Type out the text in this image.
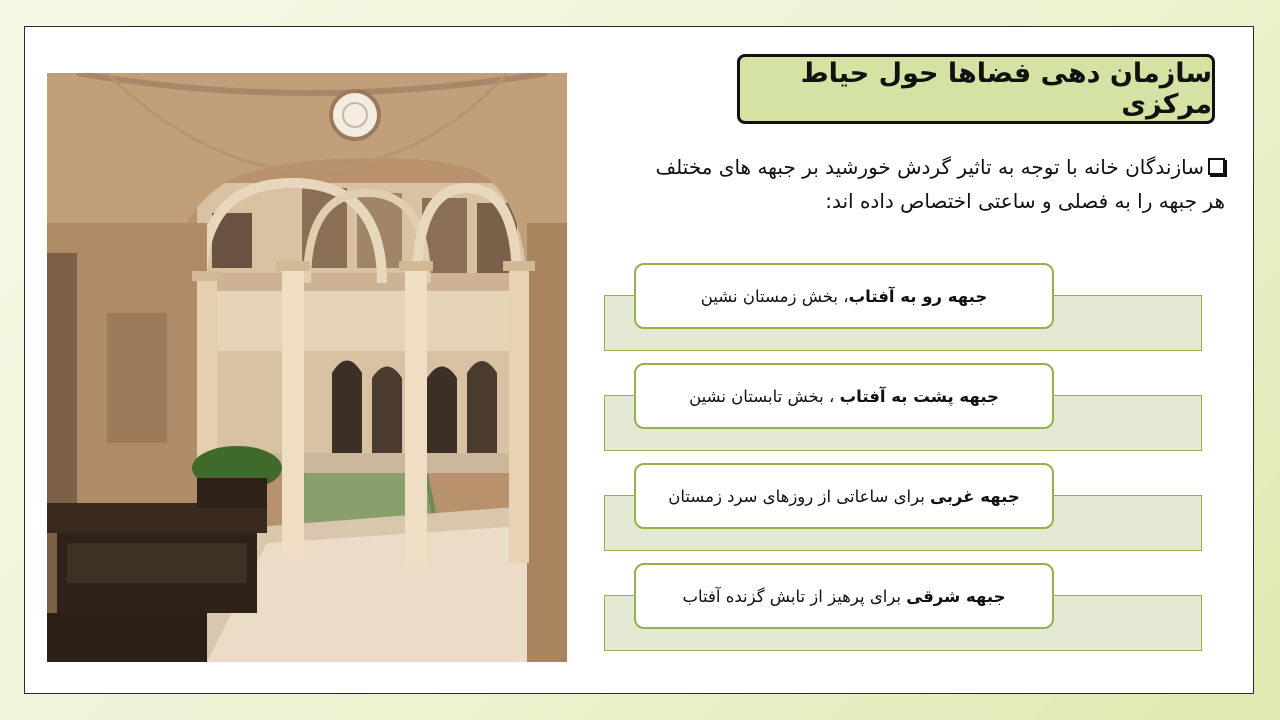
سازمان دهی فضاها حول حیاط مرکزی
سازندگان خانه با توجه به تاثیر گردش خورشید بر جبهه های مختلف هر جبهه را به فصلی و ساعتی اختصاص داده اند:
جبهه رو به آفتاب، بخش زمستان نشین
جبهه پشت به آفتاب ، بخش تابستان نشین
جبهه غربی برای ساعاتی از روزهای سرد زمستان
جبهه شرقی برای پرهیز از تابش گزنده آفتاب
